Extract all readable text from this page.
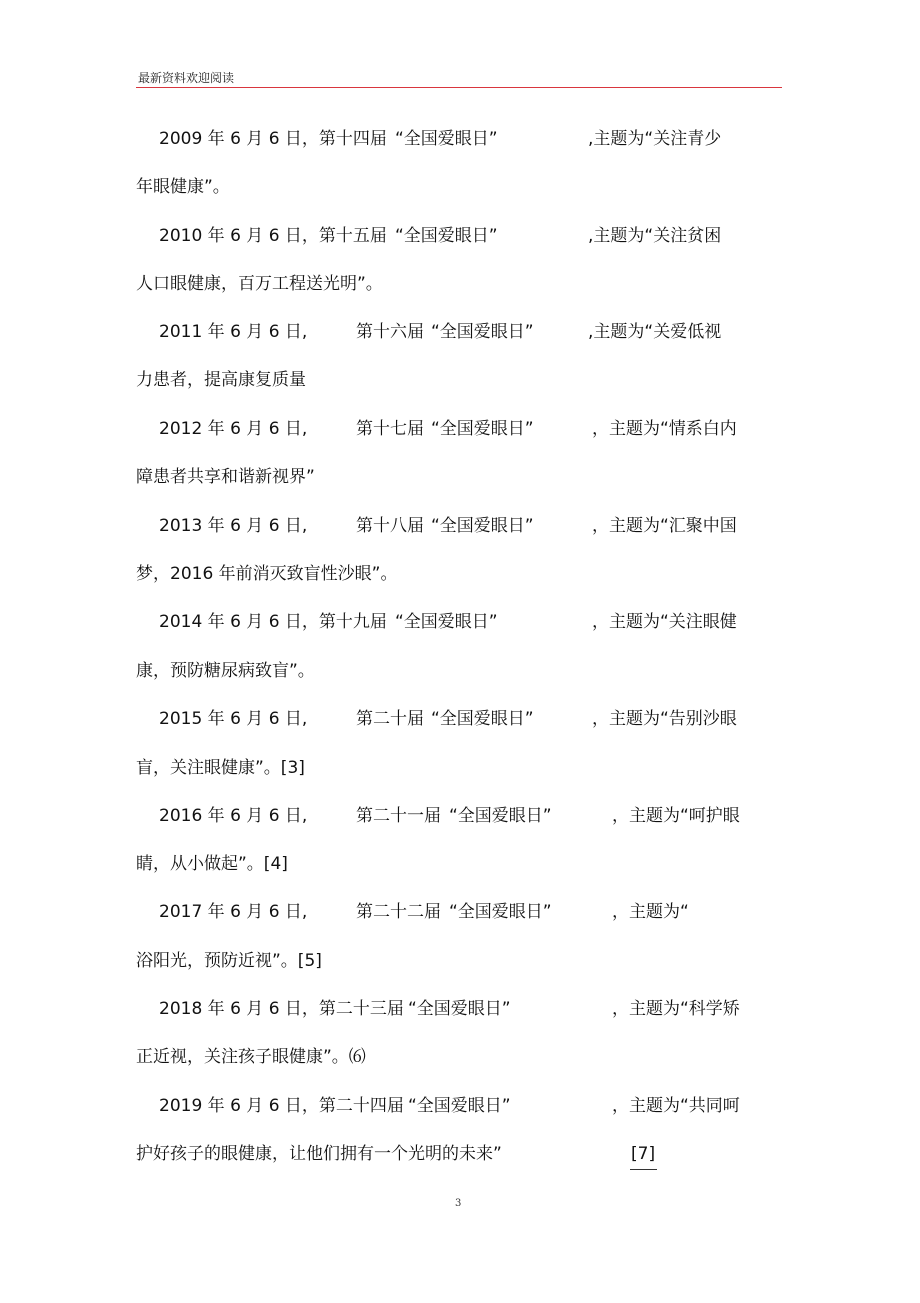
最新资料欢迎阅读
2009 年 6 月 6 日，第十四届 “全国爱眼日”	,主题为“关注青少
年眼健康”。
2010 年 6 月 6 日，第十五届 “全国爱眼日”	,主题为“关注贫困
人口眼健康，百万工程送光明”。
2011 年 6 月 6 日,	第十六届 “全国爱眼日”	,主题为“关爱低视
力患者，提高康复质量
2012 年 6 月 6 日,	第十七届 “全国爱眼日”	，主题为“情系白内
障患者共享和谐新视界”
2013 年 6 月 6 日,	第十八届 “全国爱眼日”	，主题为“汇聚中国
梦，2016 年前消灭致盲性沙眼”。
2014 年 6 月 6 日，第十九届 “全国爱眼日”	，主题为“关注眼健
康，预防糖尿病致盲”。
2015 年 6 月 6 日,	第二十届 “全国爱眼日”	，主题为“告别沙眼
盲，关注眼健康”。[3]
2016 年 6 月 6 日,	第二十一届 “全国爱眼日”	，主题为“呵护眼
睛，从小做起”。[4]
2017 年 6 月 6 日,	第二十二届 “全国爱眼日”	，主题为“
浴阳光，预防近视”。[5]
2018 年 6 月 6 日，第二十三届 “全国爱眼日”	，主题为“科学矫
正近视，关注孩子眼健康”。⑹
2019 年 6 月 6 日，第二十四届 “全国爱眼日”	，主题为“共同呵
护好孩子的眼健康，让他们拥有一个光明的未来”	[7]
3
